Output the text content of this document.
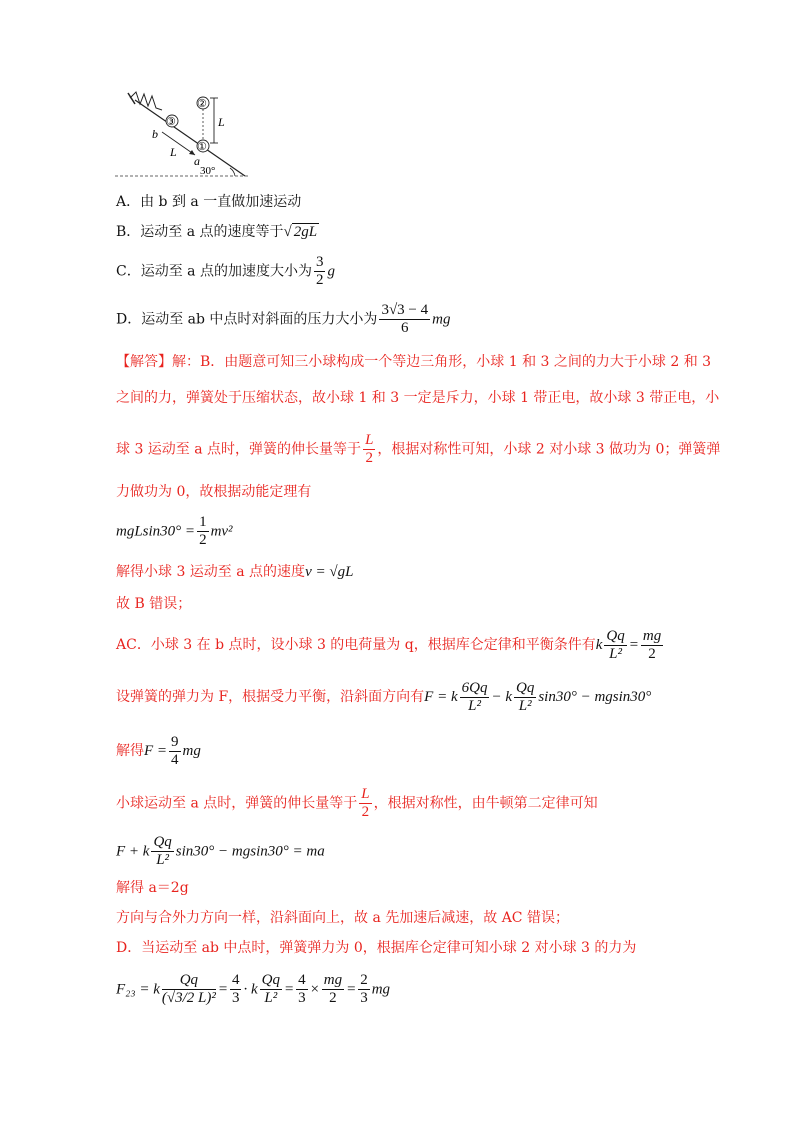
③
①
②
L
L
b
a
30°
A．由 b 到 a 一直做加速运动
B．运动至 a 点的速度等于√ 2gL
C．运动至 a 点的加速度大小为 $\frac{3}{2}$ g
D．运动至 ab 中点时对斜面的压力大小为 $\frac{3√3 - 4}{6}$ mg
【解答】解：B．由题意可知三小球构成一个等边三角形，小球 1 和 3 之间的力大于小球 2 和 3
之间的力，弹簧处于压缩状态，故小球 1 和 3 一定是斥力，小球 1 带正电，故小球 3 带正电，小
球 3 运动至 a 点时，弹簧的伸长量等于 $\frac{L}{2}$ ，根据对称性可知，小球 2 对小球 3 做功为 0；弹簧弹
力做功为 0，故根据动能定理有
$mgLsin30^\circ = \frac{1}{2} mv^2$
解得小球 3 运动至 a 点的速度v = √gL
故 B 错误；
AC．小球 3 在 b 点时，设小球 3 的电荷量为 q，根据库仑定律和平衡条件有k $\frac{Qq}{\text{L²}} = \frac{mg}{2}$
设弹簧的弹力为 F，根据受力平衡，沿斜面方向有F = k $\frac{6Qq}{\text{L²}} - k \frac{Qq}{\text{L²}} \sin 30^\circ - mgsin30^\circ$
解得$F = \frac{9}{4}$ mg
小球运动至 a 点时，弹簧的伸长量等于 $\frac{L}{2}$ ，根据对称性，由牛顿第二定律可知
F + k $\frac{Qq}{\text{L²}} \sin 30^\circ - mgsin30^\circ$ = ma
解得 a＝2g
方向与合外力方向一样，沿斜面向上，故 a 先加速后减速，故 AC 错误；
D．当运动至 ab 中点时，弹簧弹力为 0，根据库仑定律可知小球 2 对小球 3 的力为
F₂₃ = k $\frac{Qq}{\text{(√3/2 L)²}} = \frac{4}{3} \cdot k \frac{Qq}{\text{L²}} = \frac{4}{3} \times \frac{mg}{2} = \frac{2}{3}$ mg
